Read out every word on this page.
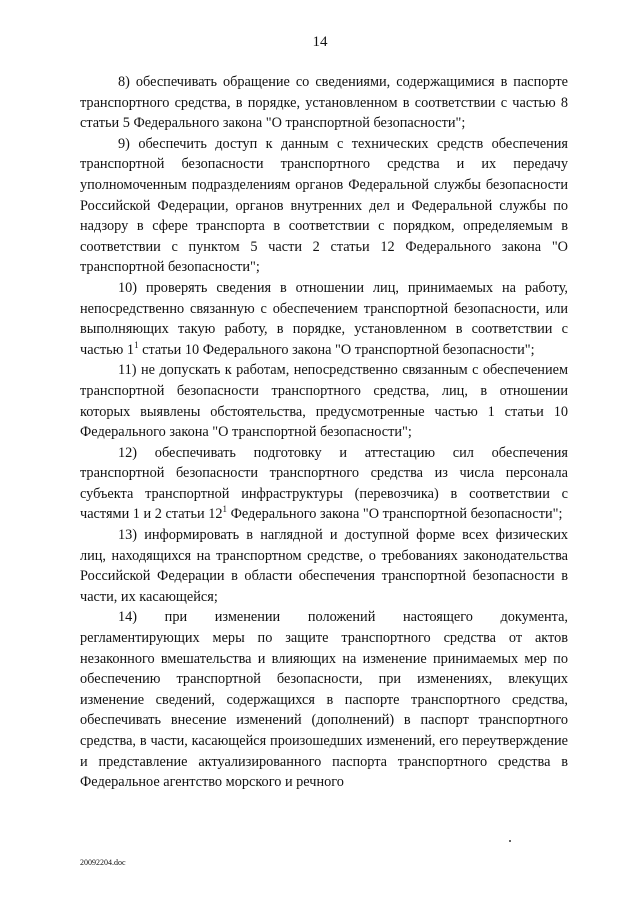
14

8) обеспечивать обращение со сведениями, содержащимися в паспорте транспортного средства, в порядке, установленном в соответствии с частью 8 статьи 5 Федерального закона "О транспортной безопасности";

9) обеспечить доступ к данным с технических средств обеспечения транспортной безопасности транспортного средства и их передачу уполномоченным подразделениям органов Федеральной службы безопасности Российской Федерации, органов внутренних дел и Федеральной службы по надзору в сфере транспорта в соответствии с порядком, определяемым в соответствии с пунктом 5 части 2 статьи 12 Федерального закона "О транспортной безопасности";

10) проверять сведения в отношении лиц, принимаемых на работу, непосредственно связанную с обеспечением транспортной безопасности, или выполняющих такую работу, в порядке, установленном в соответствии с частью $1^1$ статьи 10 Федерального закона "О транспортной безопасности";

11) не допускать к работам, непосредственно связанным с обеспечением транспортной безопасности транспортного средства, лиц, в отношении которых выявлены обстоятельства, предусмотренные частью 1 статьи 10 Федерального закона "О транспортной безопасности";

12) обеспечивать подготовку и аттестацию сил обеспечения транспортной безопасности транспортного средства из числа персонала субъекта транспортной инфраструктуры (перевозчика) в соответствии с частями 1 и 2 статьи $12^1$ Федерального закона "О транспортной безопасности";

13) информировать в наглядной и доступной форме всех физических лиц, находящихся на транспортном средстве, о требованиях законодательства Российской Федерации в области обеспечения транспортной безопасности в части, их касающейся;

14) при изменении положений настоящего документа, регламентирующих меры по защите транспортного средства от актов незаконного вмешательства и влияющих на изменение принимаемых мер по обеспечению транспортной безопасности, при изменениях, влекущих изменение сведений, содержащихся в паспорте транспортного средства, обеспечивать внесение изменений (дополнений) в паспорт транспортного средства, в части, касающейся произошедших изменений, его переутверждение и представление актуализированного паспорта транспортного средства в Федеральное агентство морского и речного

20092204.doc
